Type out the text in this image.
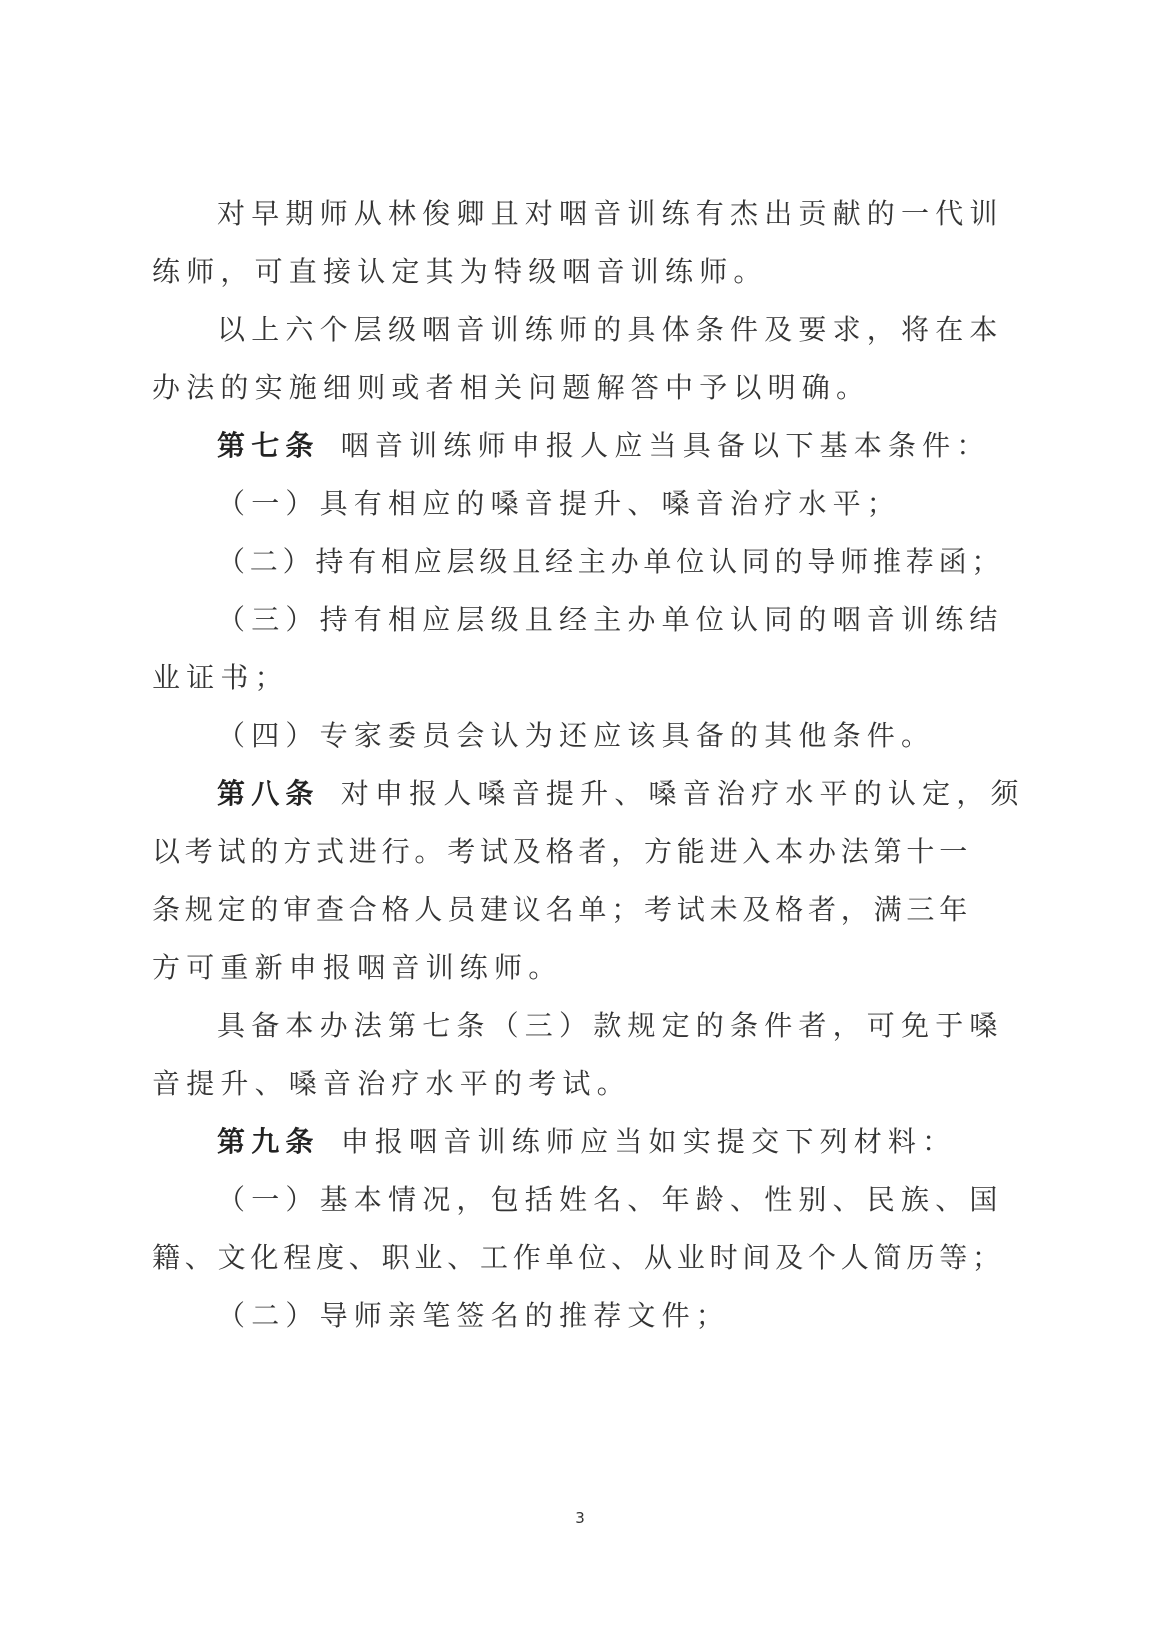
对早期师从林俊卿且对咽音训练有杰出贡献的一代训
练师，可直接认定其为特级咽音训练师。
以上六个层级咽音训练师的具体条件及要求，将在本
办法的实施细则或者相关问题解答中予以明确。
第七条 咽音训练师申报人应当具备以下基本条件：
（一）具有相应的嗓音提升、嗓音治疗水平；
（二）持有相应层级且经主办单位认同的导师推荐函；
（三）持有相应层级且经主办单位认同的咽音训练结
业证书；
（四）专家委员会认为还应该具备的其他条件。
第八条 对申报人嗓音提升、嗓音治疗水平的认定，须
以考试的方式进行。考试及格者，方能进入本办法第十一
条规定的审查合格人员建议名单；考试未及格者，满三年
方可重新申报咽音训练师。
具备本办法第七条（三）款规定的条件者，可免于嗓
音提升、嗓音治疗水平的考试。
第九条 申报咽音训练师应当如实提交下列材料：
（一）基本情况，包括姓名、年龄、性别、民族、国
籍、文化程度、职业、工作单位、从业时间及个人简历等；
（二）导师亲笔签名的推荐文件；
3
